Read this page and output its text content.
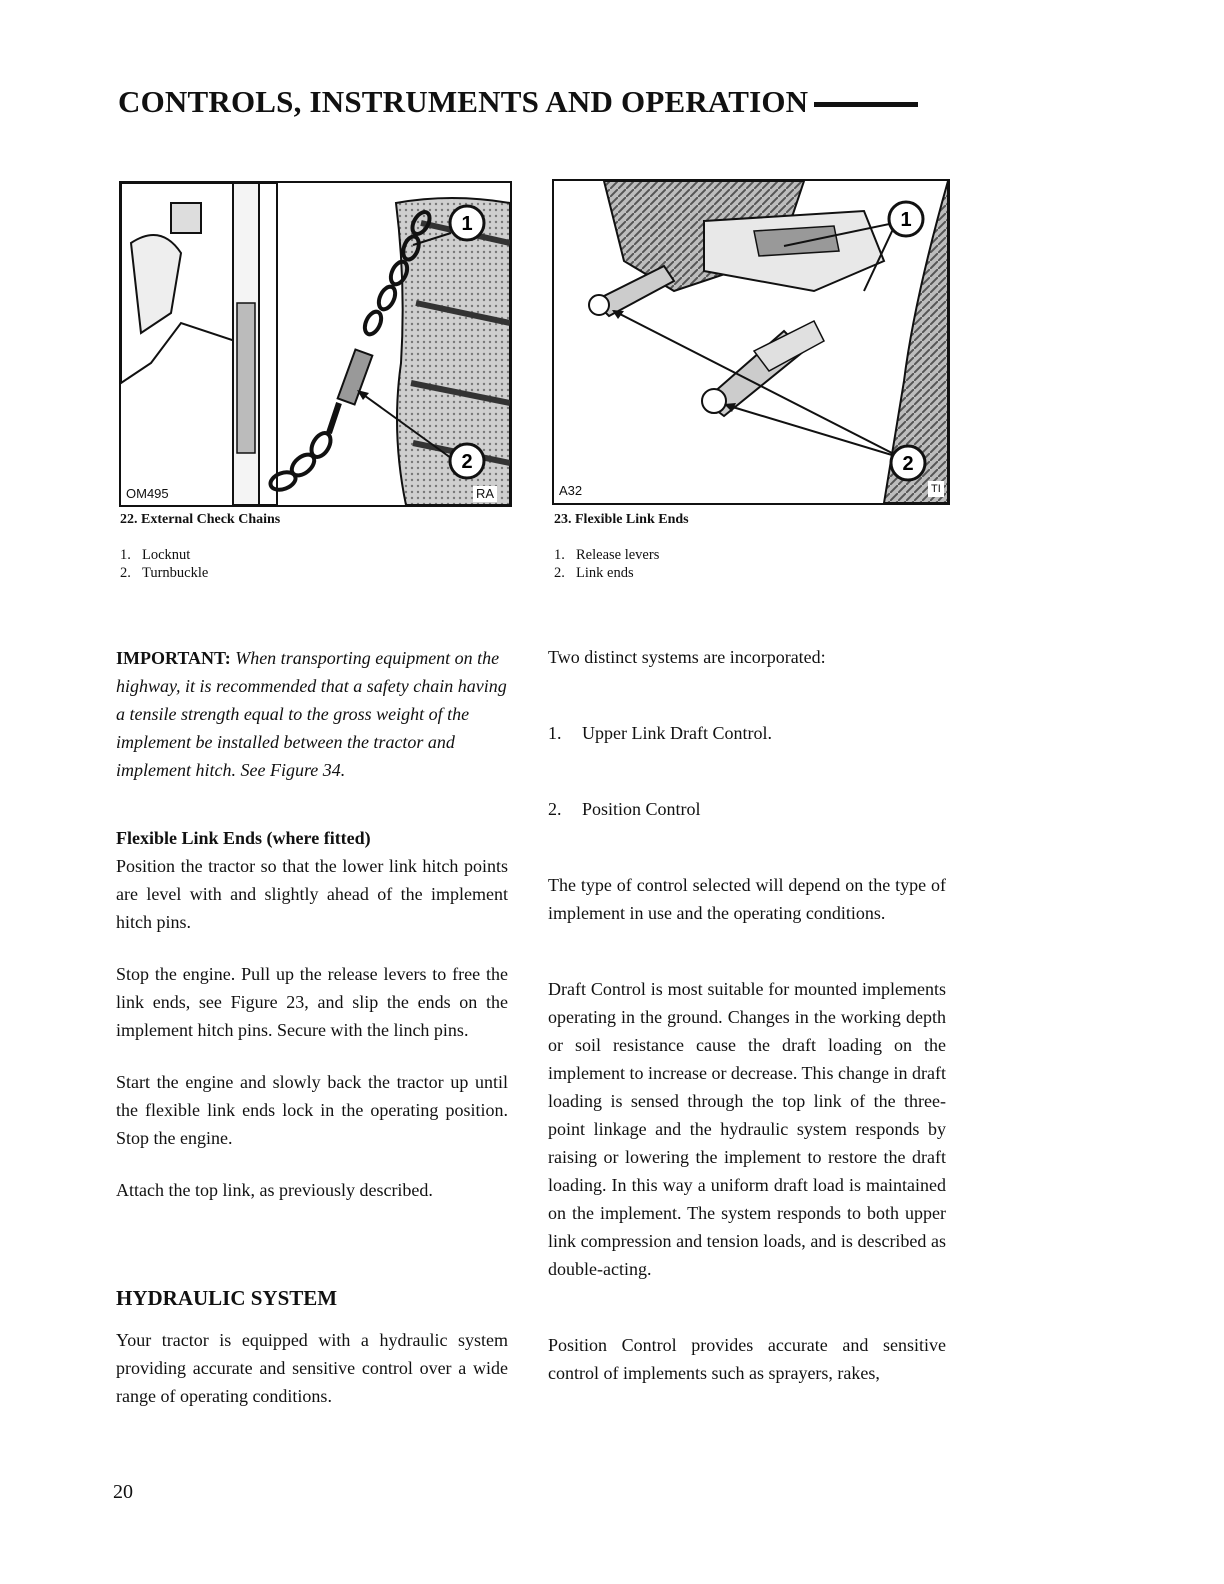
CONTROLS, INSTRUMENTS AND OPERATION
1
2
OM495	RA
22. External Check Chains
1. Locknut
2. Turnbuckle
1
2
A32	TI
23. Flexible Link Ends
1. Release levers
2. Link ends

IMPORTANT: When transporting equipment on the highway, it is recommended that a safety chain having a tensile strength equal to the gross weight of the implement be installed between the tractor and implement hitch. See Figure 34.

Flexible Link Ends (where fitted)

Position the tractor so that the lower link hitch points are level with and slightly ahead of the implement hitch pins.

Stop the engine. Pull up the release levers to free the link ends, see Figure 23, and slip the ends on the implement hitch pins. Secure with the linch pins.

Start the engine and slowly back the tractor up until the flexible link ends lock in the operating position. Stop the engine.

Attach the top link, as previously described.

HYDRAULIC SYSTEM

Your tractor is equipped with a hydraulic system providing accurate and sensitive control over a wide range of operating conditions.

Two distinct systems are incorporated:

1. Upper Link Draft Control.

2. Position Control

The type of control selected will depend on the type of implement in use and the operating conditions.

Draft Control is most suitable for mounted implements operating in the ground. Changes in the working depth or soil resistance cause the draft loading on the implement to increase or decrease. This change in draft loading is sensed through the top link of the three-point linkage and the hydraulic system responds by raising or lowering the implement to restore the draft loading. In this way a uniform draft load is maintained on the implement. The system responds to both upper link compression and tension loads, and is described as double-acting.

Position Control provides accurate and sensitive control of implements such as sprayers, rakes,

20
